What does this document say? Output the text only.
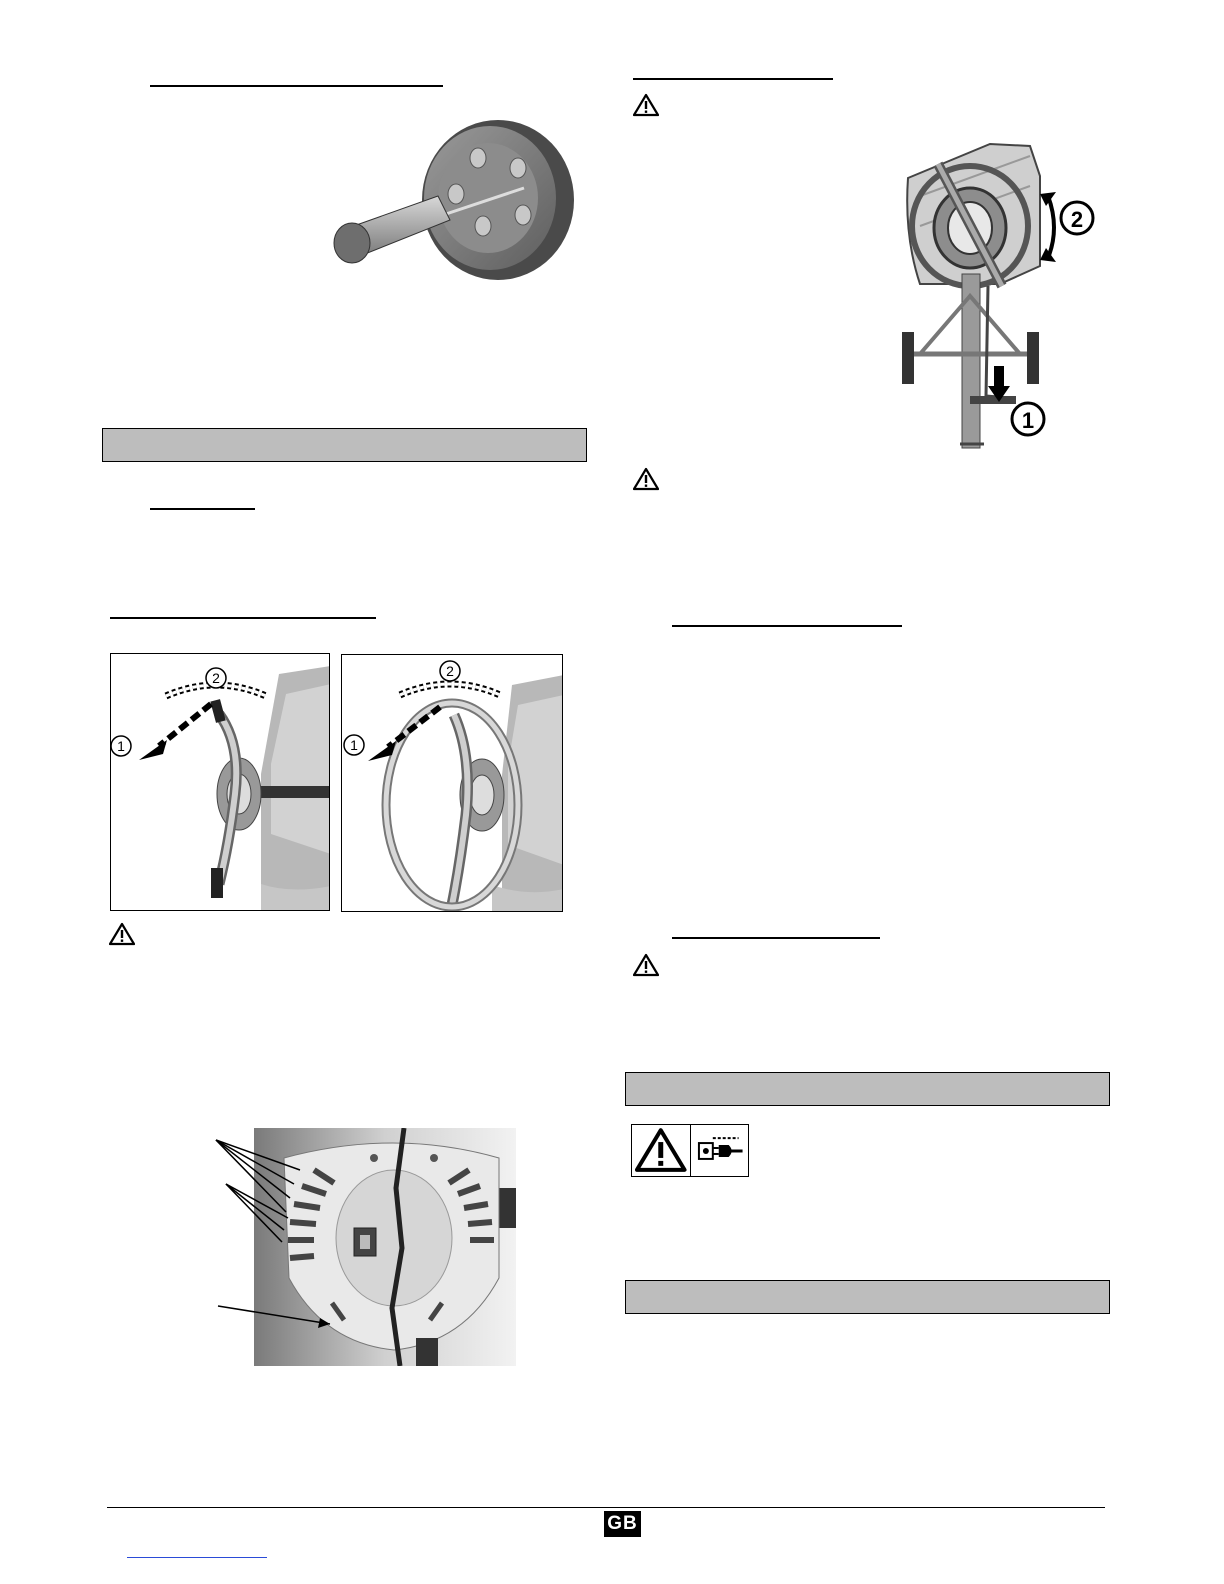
2
1
2
1
2
1
GB
